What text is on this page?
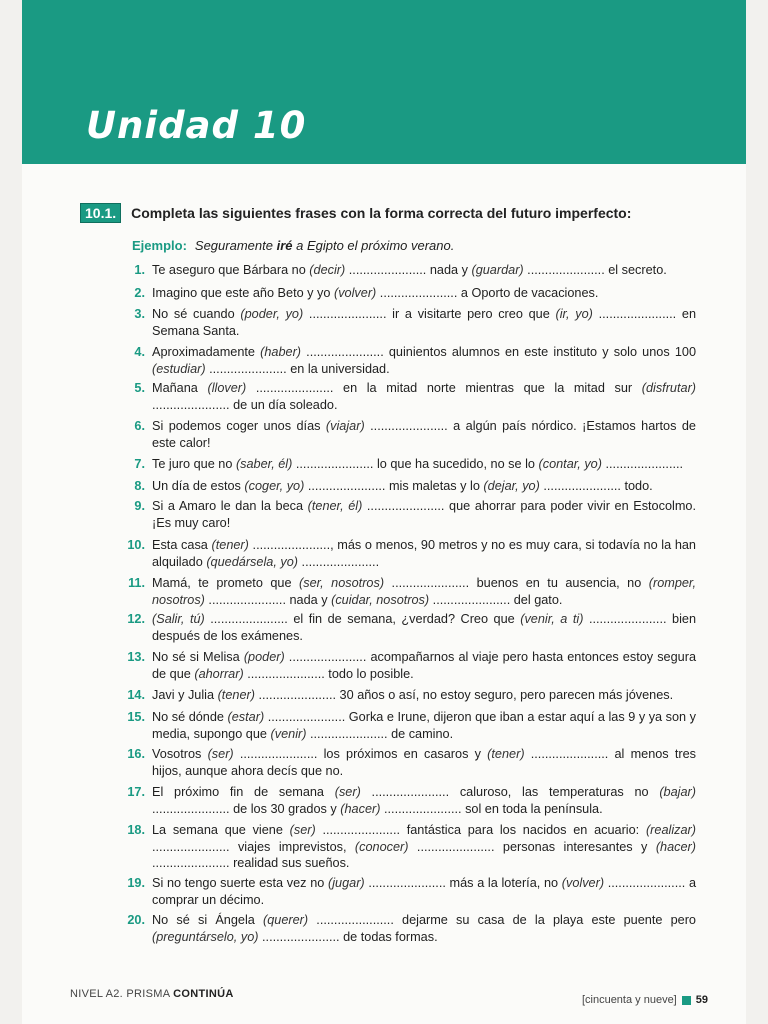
Unidad 10
10.1.	Completa las siguientes frases con la forma correcta del futuro imperfecto:
Ejemplo: Seguramente iré a Egipto el próximo verano.
1. Te aseguro que Bárbara no (decir) ...................... nada y (guardar) ...................... el secreto.
2. Imagino que este año Beto y yo (volver) ...................... a Oporto de vacaciones.
3. No sé cuando (poder, yo) ...................... ir a visitarte pero creo que (ir, yo) ...................... en Semana Santa.
4. Aproximadamente (haber) ...................... quinientos alumnos en este instituto y solo unos 100 (estudiar) ...................... en la universidad.
5. Mañana (llover) ...................... en la mitad norte mientras que la mitad sur (disfrutar) ...................... de un día soleado.
6. Si podemos coger unos días (viajar) ...................... a algún país nórdico. ¡Estamos hartos de este calor!
7. Te juro que no (saber, él) ...................... lo que ha sucedido, no se lo (contar, yo) ......................
8. Un día de estos (coger, yo) ...................... mis maletas y lo (dejar, yo) ...................... todo.
9. Si a Amaro le dan la beca (tener, él) ...................... que ahorrar para poder vivir en Estocolmo. ¡Es muy caro!
10. Esta casa (tener) ......................, más o menos, 90 metros y no es muy cara, si todavía no la han alquilado (quedársela, yo) ......................
11. Mamá, te prometo que (ser, nosotros) ...................... buenos en tu ausencia, no (romper, nosotros) ...................... nada y (cuidar, nosotros) ...................... del gato.
12. (Salir, tú) ...................... el fin de semana, ¿verdad? Creo que (venir, a ti) ...................... bien después de los exámenes.
13. No sé si Melisa (poder) ...................... acompañarnos al viaje pero hasta entonces estoy segura de que (ahorrar) ...................... todo lo posible.
14. Javi y Julia (tener) ...................... 30 años o así, no estoy seguro, pero parecen más jóvenes.
15. No sé dónde (estar) ...................... Gorka e Irune, dijeron que iban a estar aquí a las 9 y ya son y media, supongo que (venir) ...................... de camino.
16. Vosotros (ser) ...................... los próximos en casaros y (tener) ...................... al menos tres hijos, aunque ahora decís que no.
17. El próximo fin de semana (ser) ...................... caluroso, las temperaturas no (bajar) ...................... de los 30 grados y (hacer) ...................... sol en toda la península.
18. La semana que viene (ser) ...................... fantástica para los nacidos en acuario: (realizar) ...................... viajes imprevistos, (conocer) ...................... personas interesantes y (hacer) ...................... realidad sus sueños.
19. Si no tengo suerte esta vez no (jugar) ...................... más a la lotería, no (volver) ...................... a comprar un décimo.
20. No sé si Ángela (querer) ...................... dejarme su casa de la playa este puente pero (preguntárselo, yo) ...................... de todas formas.
NIVEL A2. PRISMA CONTINÚA	[cincuenta y nueve] 59
